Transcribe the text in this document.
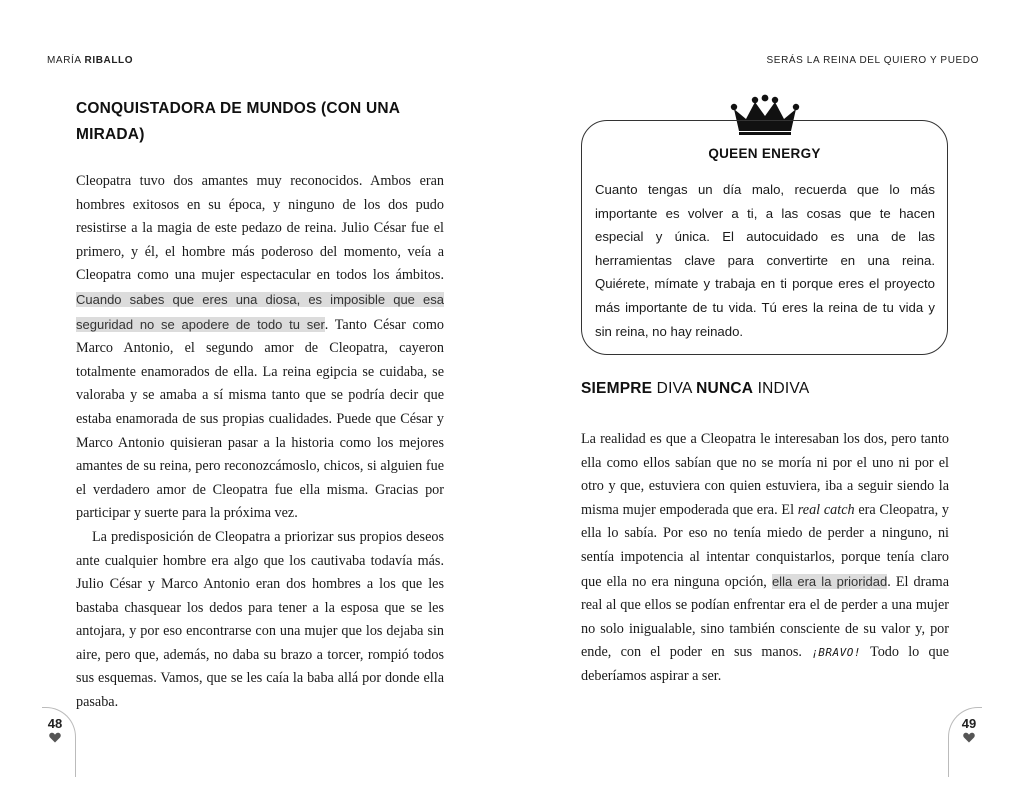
MARÍA RIBALLO	SERÁS LA REINA DEL QUIERO Y PUEDO
CONQUISTADORA DE MUNDOS (CON UNA MIRADA)

Cleopatra tuvo dos amantes muy reconocidos. Ambos eran hombres exitosos en su época, y ninguno de los dos pudo resistirse a la magia de este pedazo de reina. Julio César fue el primero, y él, el hombre más poderoso del momento, veía a Cleopatra como una mujer espectacular en todos los ámbitos. Cuando sabes que eres una diosa, es imposible que esa seguridad no se apodere de todo tu ser. Tanto César como Marco Antonio, el segundo amor de Cleopatra, cayeron totalmente enamorados de ella. La reina egipcia se cuidaba, se valoraba y se amaba a sí misma tanto que se podría decir que estaba enamorada de sus propias cualidades. Puede que César y Marco Antonio quisieran pasar a la historia como los mejores amantes de su reina, pero reconozcámoslo, chicos, si alguien fue el verdadero amor de Cleopatra fue ella misma. Gracias por participar y suerte para la próxima vez.

La predisposición de Cleopatra a priorizar sus propios deseos ante cualquier hombre era algo que los cautivaba todavía más. Julio César y Marco Antonio eran dos hombres a los que les bastaba chasquear los dedos para tener a la esposa que se les antojara, y por eso encontrarse con una mujer que los dejaba sin aire, pero que, además, no daba su brazo a torcer, rompió todos sus esquemas. Vamos, que se les caía la baba allá por donde ella pasaba.

QUEEN ENERGY

Cuanto tengas un día malo, recuerda que lo más importante es volver a ti, a las cosas que te hacen especial y única. El autocuidado es una de las herramientas clave para convertirte en una reina. Quiérete, mímate y trabaja en ti porque eres el proyecto más importante de tu vida. Tú eres la reina de tu vida y sin reina, no hay reinado.

SIEMPRE DIVA NUNCA INDIVA

La realidad es que a Cleopatra le interesaban los dos, pero tanto ella como ellos sabían que no se moría ni por el uno ni por el otro y que, estuviera con quien estuviera, iba a seguir siendo la misma mujer empoderada que era. El real catch era Cleopatra, y ella lo sabía. Por eso no tenía miedo de perder a ninguno, ni sentía impotencia al intentar conquistarlos, porque tenía claro que ella no era ninguna opción, ella era la prioridad. El drama real al que ellos se podían enfrentar era el de perder a una mujer no solo inigualable, sino también consciente de su valor y, por ende, con el poder en sus manos. ¡BRAVO! Todo lo que deberíamos aspirar a ser.

48	49
